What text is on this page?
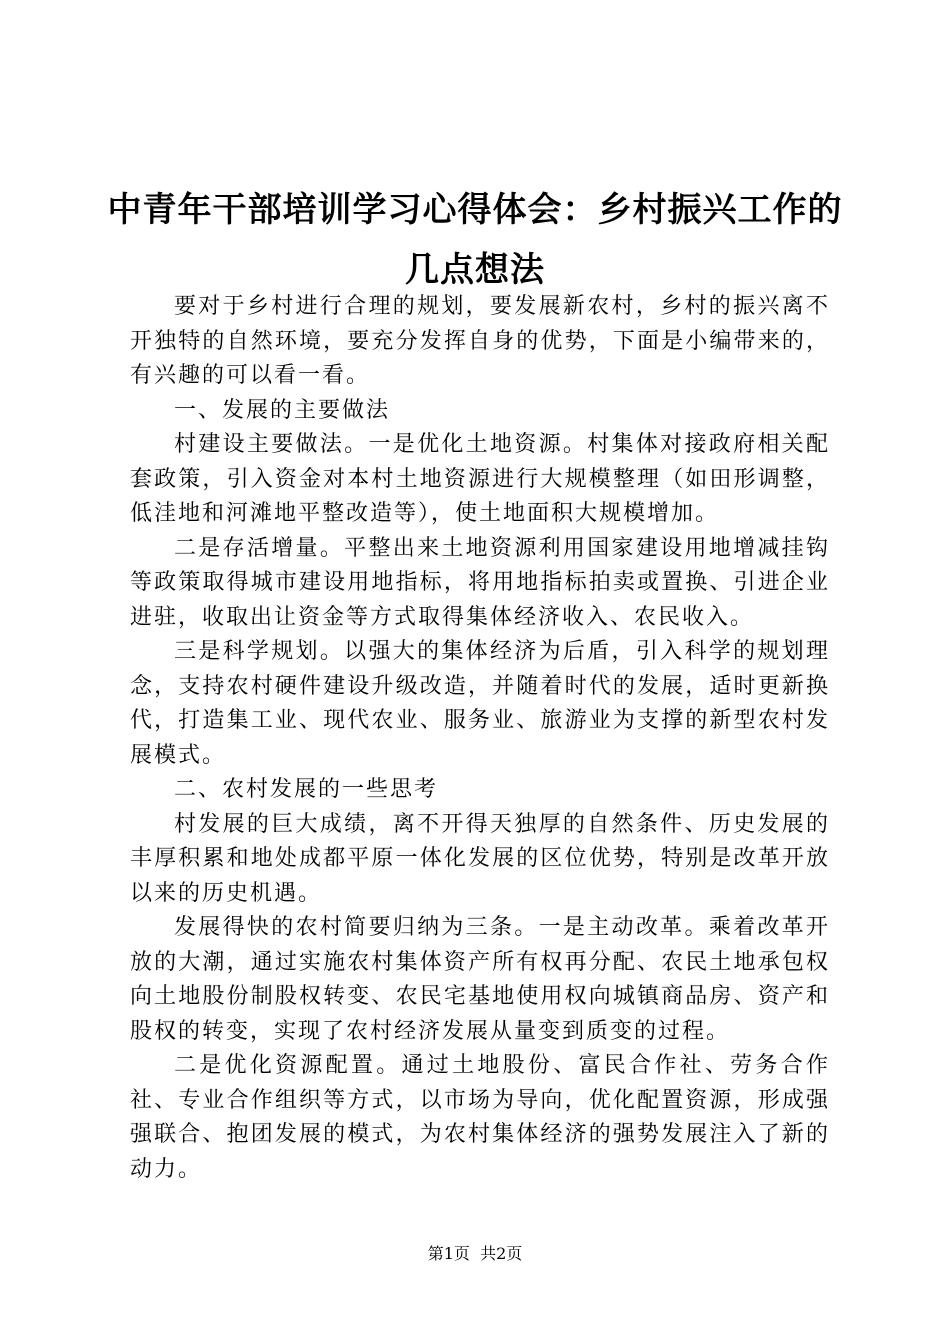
中青年干部培训学习心得体会：乡村振兴工作的几点想法

要对于乡村进行合理的规划，要发展新农村，乡村的振兴离不开独特的自然环境，要充分发挥自身的优势，下面是小编带来的，有兴趣的可以看一看。

一、发展的主要做法

村建设主要做法。一是优化土地资源。村集体对接政府相关配套政策，引入资金对本村土地资源进行大规模整理（如田形调整，低洼地和河滩地平整改造等），使土地面积大规模增加。

二是存活增量。平整出来土地资源利用国家建设用地增减挂钩等政策取得城市建设用地指标，将用地指标拍卖或置换、引进企业进驻，收取出让资金等方式取得集体经济收入、农民收入。

三是科学规划。以强大的集体经济为后盾，引入科学的规划理念，支持农村硬件建设升级改造，并随着时代的发展，适时更新换代，打造集工业、现代农业、服务业、旅游业为支撑的新型农村发展模式。

二、农村发展的一些思考

村发展的巨大成绩，离不开得天独厚的自然条件、历史发展的丰厚积累和地处成都平原一体化发展的区位优势，特别是改革开放以来的历史机遇。

发展得快的农村简要归纳为三条。一是主动改革。乘着改革开放的大潮，通过实施农村集体资产所有权再分配、农民土地承包权向土地股份制股权转变、农民宅基地使用权向城镇商品房、资产和股权的转变，实现了农村经济发展从量变到质变的过程。

二是优化资源配置。通过土地股份、富民合作社、劳务合作社、专业合作组织等方式，以市场为导向，优化配置资源，形成强强联合、抱团发展的模式，为农村集体经济的强势发展注入了新的动力。

第1页  共2页
